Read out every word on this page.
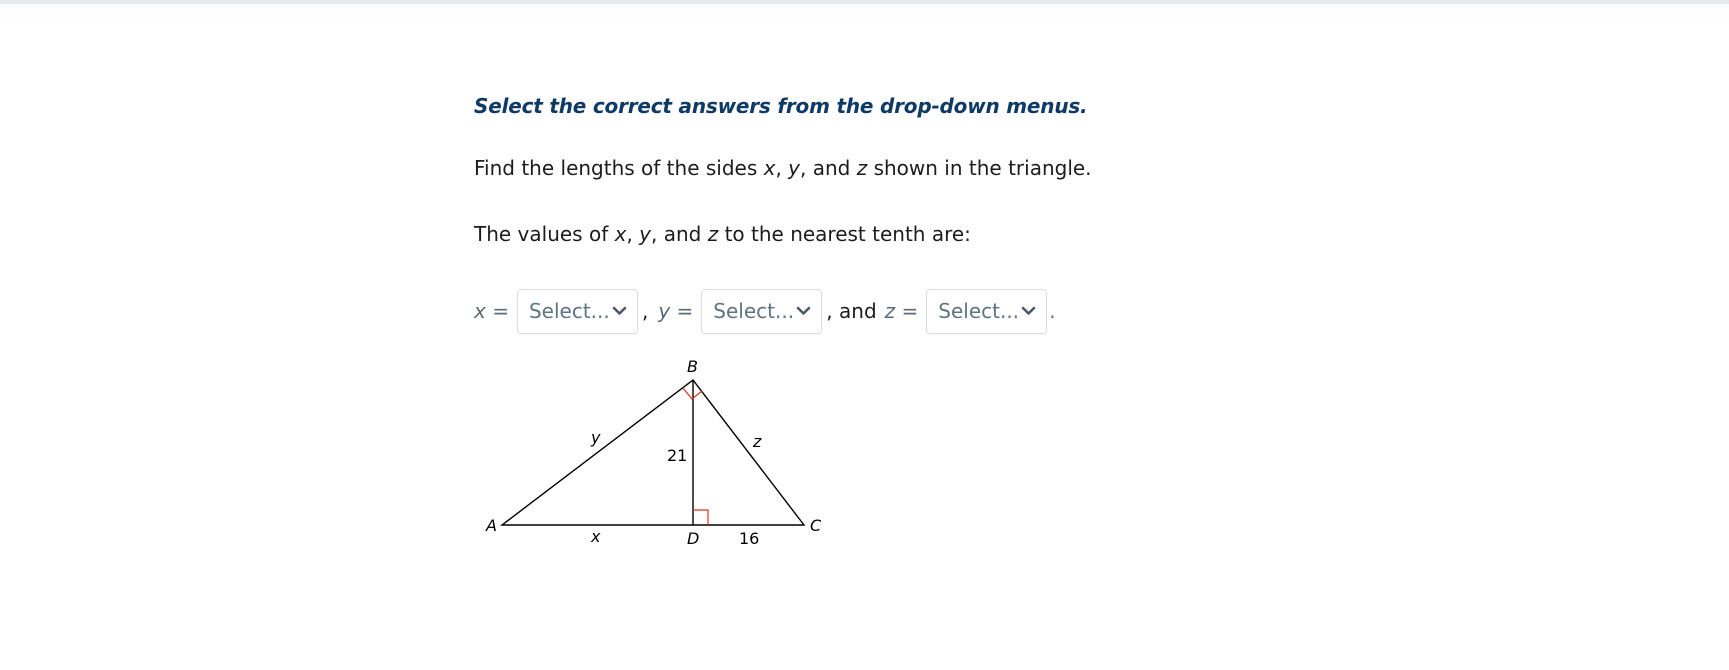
Select the correct answers from the drop-down menus.

Find the lengths of the sides x, y, and z shown in the triangle.

The values of x, y, and z to the nearest tenth are:

x = Select... , y = Select... , and z = Select... .
A
B
C
D
x
y	z
21
16
